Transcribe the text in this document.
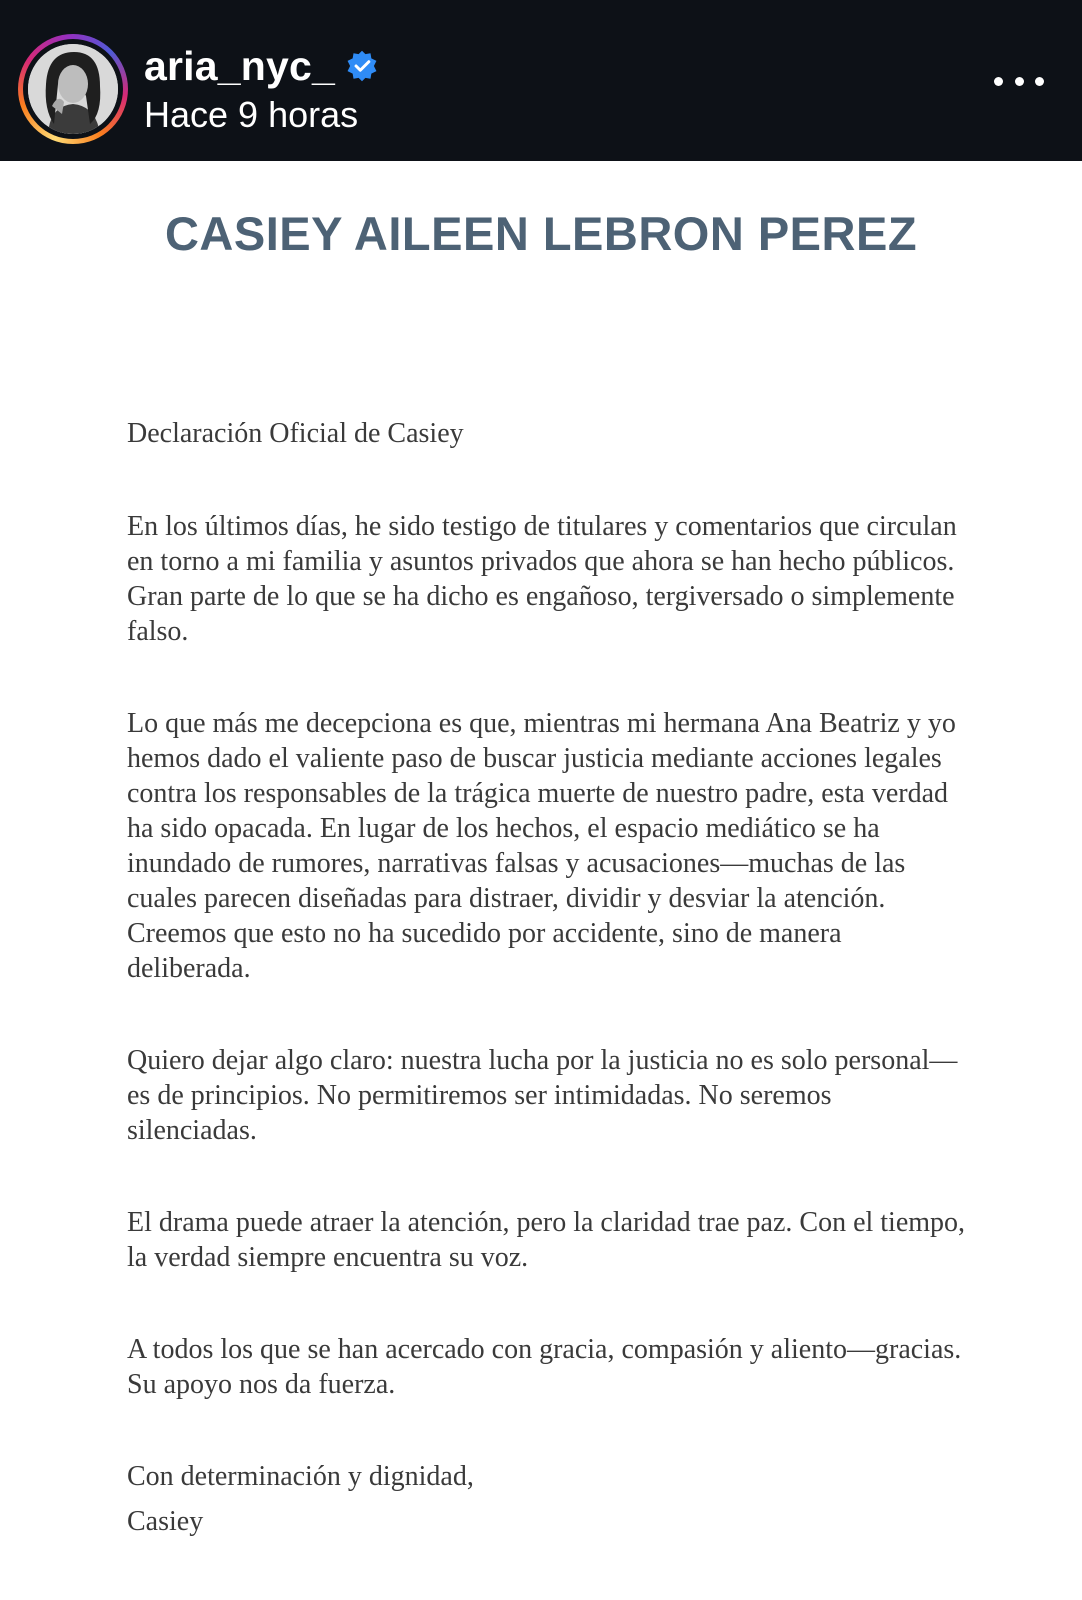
aria_nyc_
Hace 9 horas
CASIEY AILEEN LEBRON PEREZ

Declaración Oficial de Casiey

En los últimos días, he sido testigo de titulares y comentarios que circulan en torno a mi familia y asuntos privados que ahora se han hecho públicos. Gran parte de lo que se ha dicho es engañoso, tergiversado o simplemente falso.

Lo que más me decepciona es que, mientras mi hermana Ana Beatriz y yo hemos dado el valiente paso de buscar justicia mediante acciones legales contra los responsables de la trágica muerte de nuestro padre, esta verdad ha sido opacada. En lugar de los hechos, el espacio mediático se ha inundado de rumores, narrativas falsas y acusaciones—muchas de las cuales parecen diseñadas para distraer, dividir y desviar la atención. Creemos que esto no ha sucedido por accidente, sino de manera deliberada.

Quiero dejar algo claro: nuestra lucha por la justicia no es solo personal—es de principios. No permitiremos ser intimidadas. No seremos silenciadas.

El drama puede atraer la atención, pero la claridad trae paz. Con el tiempo, la verdad siempre encuentra su voz.

A todos los que se han acercado con gracia, compasión y aliento—gracias. Su apoyo nos da fuerza.

Con determinación y dignidad,

Casiey
